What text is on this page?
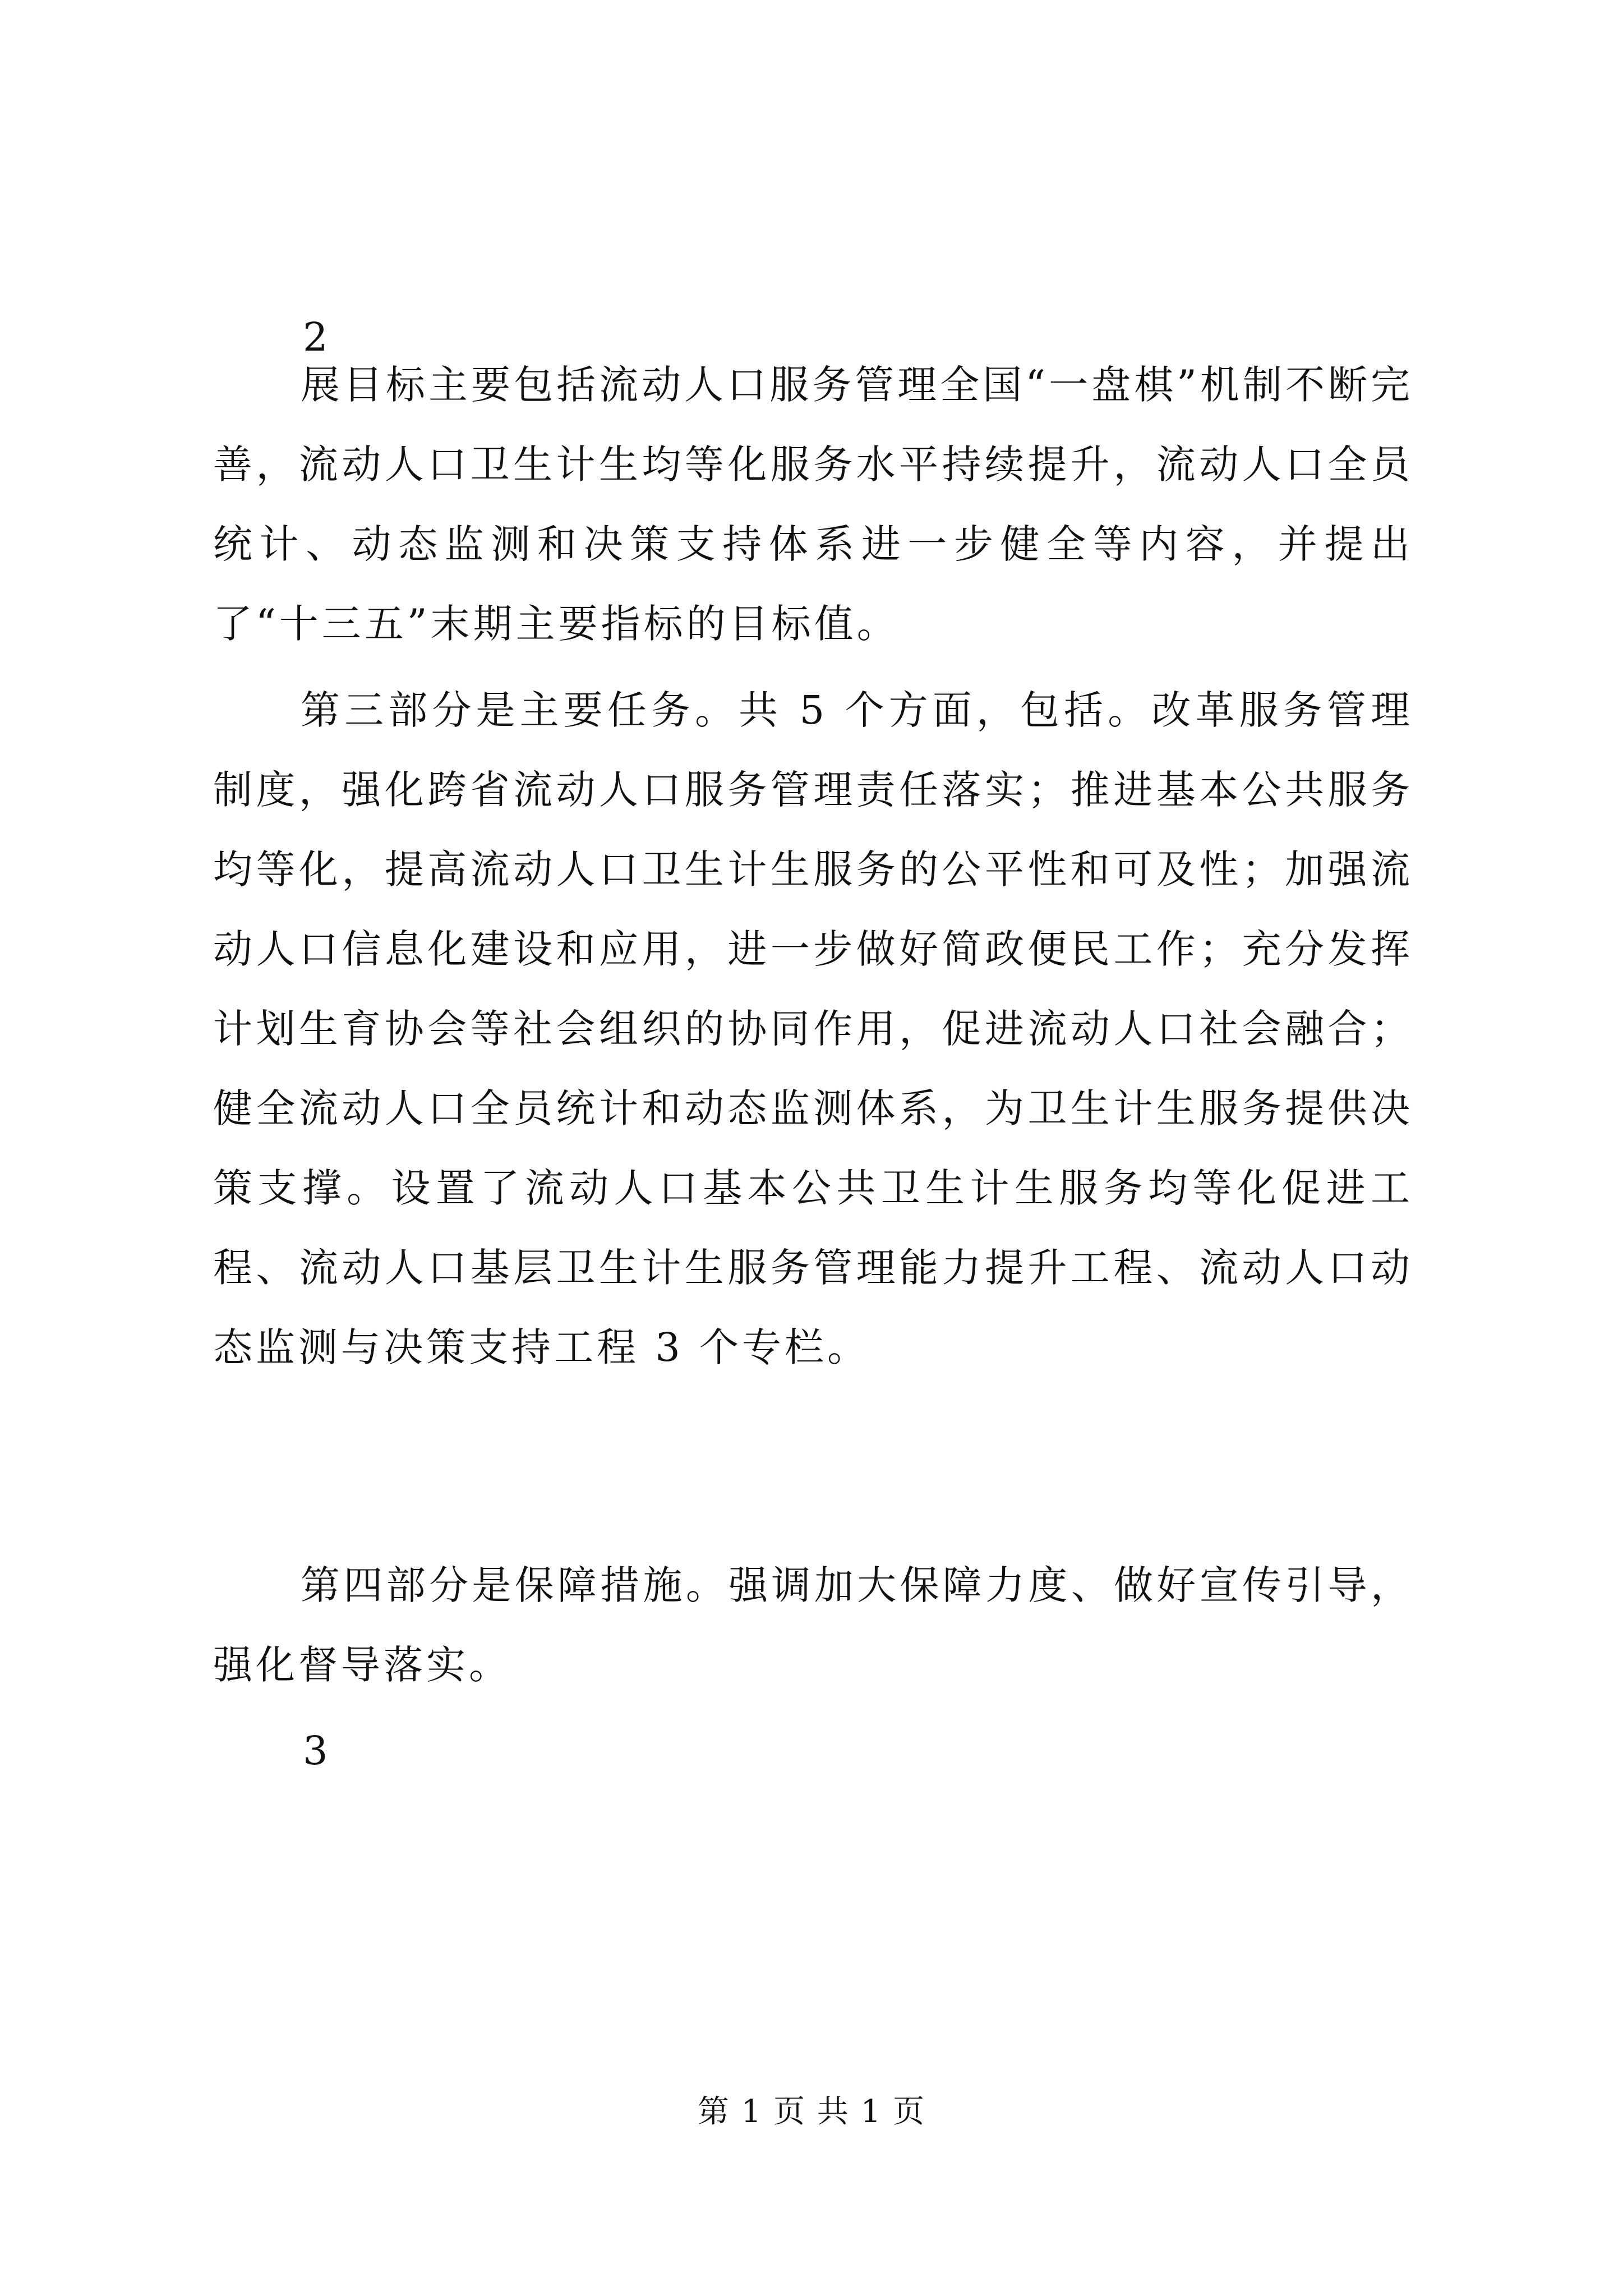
2
展目标主要包括流动人口服务管理全国“一盘棋”机制不断完善，流动人口卫生计生均等化服务水平持续提升，流动人口全员统计、动态监测和决策支持体系进一步健全等内容，并提出了“十三五”末期主要指标的目标值。
第三部分是主要任务。共 5 个方面，包括。改革服务管理制度，强化跨省流动人口服务管理责任落实；推进基本公共服务均等化，提高流动人口卫生计生服务的公平性和可及性；加强流动人口信息化建设和应用，进一步做好简政便民工作；充分发挥计划生育协会等社会组织的协同作用，促进流动人口社会融合；健全流动人口全员统计和动态监测体系，为卫生计生服务提供决策支撑。设置了流动人口基本公共卫生计生服务均等化促进工程、流动人口基层卫生计生服务管理能力提升工程、流动人口动态监测与决策支持工程 3 个专栏。
第四部分是保障措施。强调加大保障力度、做好宣传引导，强化督导落实。
3
第 1 页 共 1 页
